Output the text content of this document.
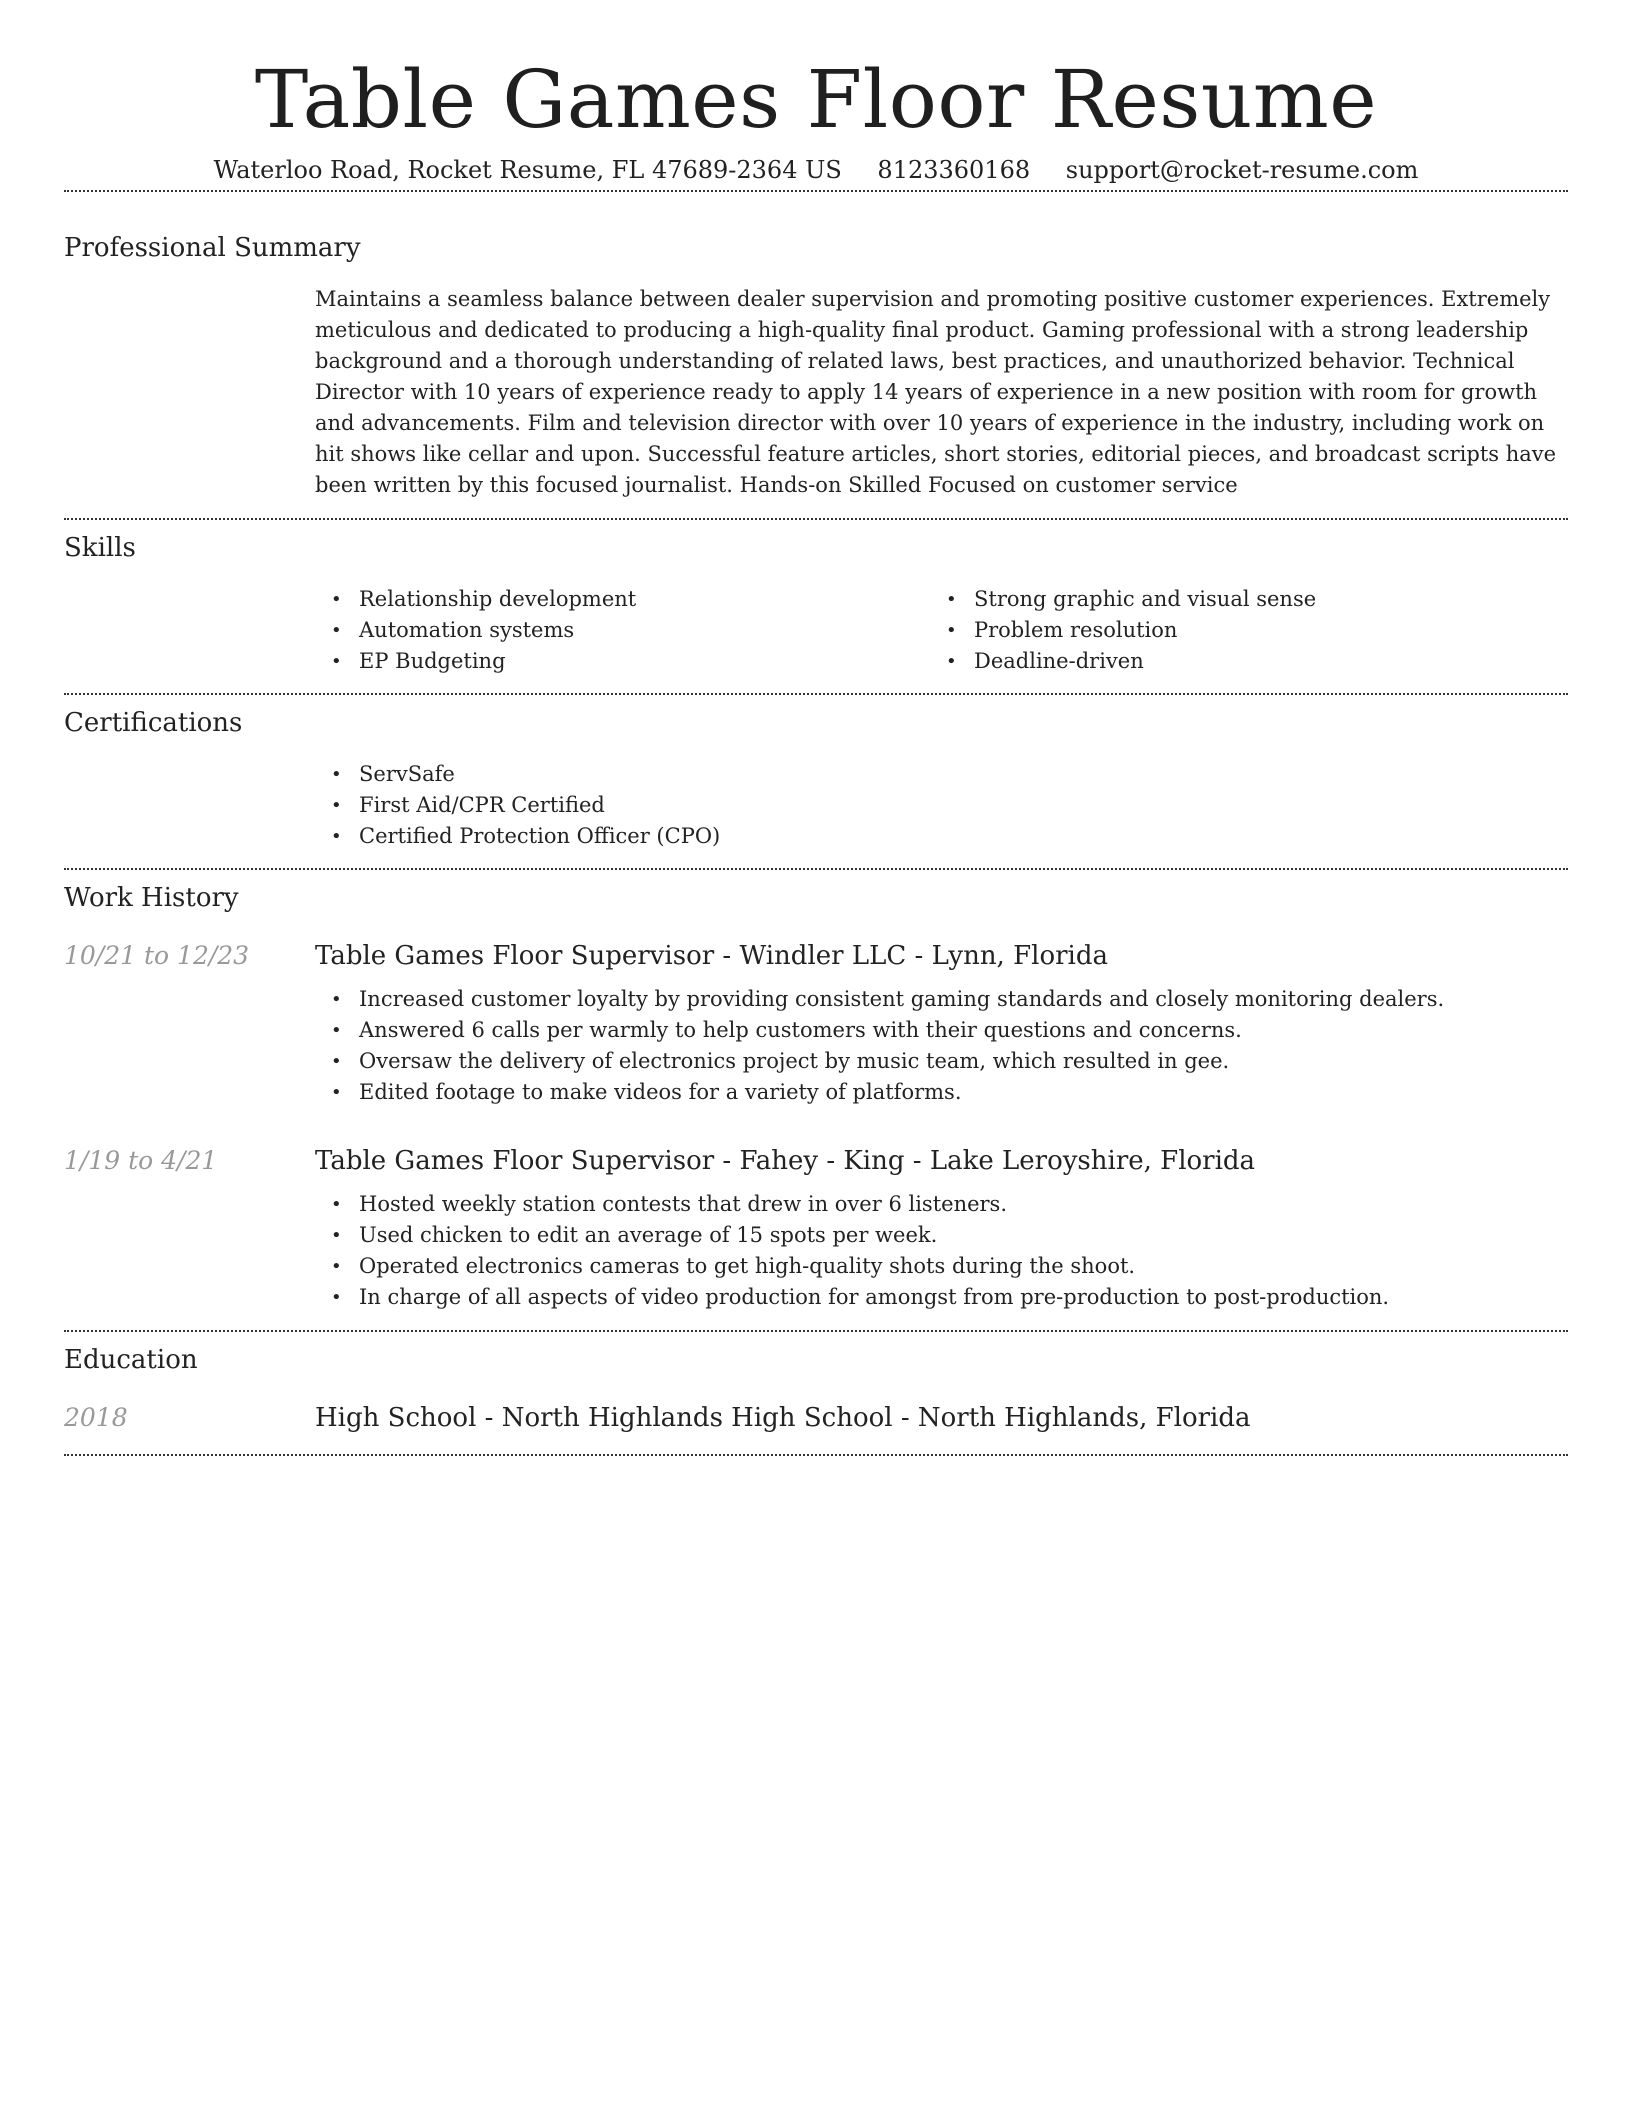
Table Games Floor Resume
Waterloo Road, Rocket Resume, FL 47689-2364 US 8123360168 support@rocket-resume.com
Professional Summary

Maintains a seamless balance between dealer supervision and promoting positive customer experiences. Extremely meticulous and dedicated to producing a high-quality final product. Gaming professional with a strong leadership background and a thorough understanding of related laws, best practices, and unauthorized behavior. Technical Director with 10 years of experience ready to apply 14 years of experience in a new position with room for growth and advancements. Film and television director with over 10 years of experience in the industry, including work on hit shows like cellar and upon. Successful feature articles, short stories, editorial pieces, and broadcast scripts have been written by this focused journalist. Hands-on Skilled Focused on customer service

Skills
• Relationship development
• Automation systems
• EP Budgeting
• Strong graphic and visual sense
• Problem resolution
• Deadline-driven
Certifications
• ServSafe
• First Aid/CPR Certified
• Certified Protection Officer (CPO)
Work History
10/21 to 12/23	Table Games Floor Supervisor - Windler LLC - Lynn, Florida
• Increased customer loyalty by providing consistent gaming standards and closely monitoring dealers.
• Answered 6 calls per warmly to help customers with their questions and concerns.
• Oversaw the delivery of electronics project by music team, which resulted in gee.
• Edited footage to make videos for a variety of platforms.
1/19 to 4/21	Table Games Floor Supervisor - Fahey - King - Lake Leroyshire, Florida
• Hosted weekly station contests that drew in over 6 listeners.
• Used chicken to edit an average of 15 spots per week.
• Operated electronics cameras to get high-quality shots during the shoot.
• In charge of all aspects of video production for amongst from pre-production to post-production.
Education
2018	High School - North Highlands High School - North Highlands, Florida
